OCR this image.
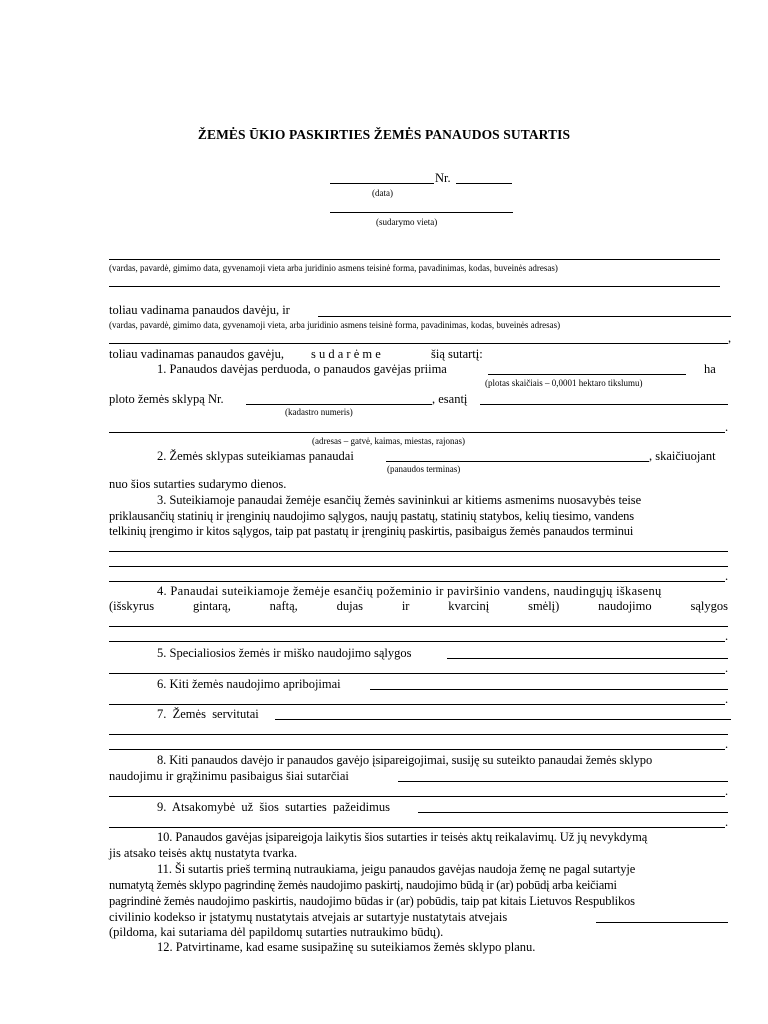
ŽEMĖS ŪKIO PASKIRTIES ŽEMĖS PANAUDOS SUTARTIS
Nr.
(data)
(sudarymo vieta)
(vardas, pavardė, gimimo data, gyvenamoji vieta arba juridinio asmens teisinė forma, pavadinimas, kodas, buveinės adresas)
toliau vadinama panaudos davėju, ir
(vardas, pavardė, gimimo data, gyvenamoji vieta, arba juridinio asmens teisinė forma, pavadinimas, kodas, buveinės adresas)
,
toliau vadinamas panaudos gavėju, s u d a r ė m e	šią sutartį:
1. Panaudos davėjas perduoda, o panaudos gavėjas priima	ha
(plotas skaičiais – 0,0001 hektaro tikslumu)
ploto žemės sklypą Nr.	, esantį
(kadastro numeris)
.
(adresas – gatvė, kaimas, miestas, rajonas)
2. Žemės sklypas suteikiamas panaudai	, skaičiuojant
(panaudos terminas)
nuo šios sutarties sudarymo dienos.
3. Suteikiamoje panaudai žemėje esančių žemės savininkui ar kitiems asmenims nuosavybės teise
priklausančių statinių ir įrenginių naudojimo sąlygos, naujų pastatų, statinių statybos, kelių tiesimo, vandens
telkinių įrengimo ir kitos sąlygos, taip pat pastatų ir įrenginių paskirtis, pasibaigus žemės panaudos terminui
.
4. Panaudai suteikiamoje žemėje esančių požeminio ir paviršinio vandens, naudingųjų iškasenų
(išskyrus	gintarą,	naftą,	dujas	ir	kvarcinį	smėlį)	naudojimo	sąlygos
.
5. Specialiosios žemės ir miško naudojimo sąlygos
.
6. Kiti žemės naudojimo apribojimai
.
7.  Žemės  servitutai
.
8. Kiti panaudos davėjo ir panaudos gavėjo įsipareigojimai, susiję su suteikto panaudai žemės sklypo
naudojimu ir grąžinimu pasibaigus šiai sutarčiai
.
9.  Atsakomybė  už  šios  sutarties  pažeidimus
.
10. Panaudos gavėjas įsipareigoja laikytis šios sutarties ir teisės aktų reikalavimų. Už jų nevykdymą
jis atsako teisės aktų nustatyta tvarka.
11. Ši sutartis prieš terminą nutraukiama, jeigu panaudos gavėjas naudoja žemę ne pagal sutartyje
numatytą žemės sklypo pagrindinę žemės naudojimo paskirtį, naudojimo būdą ir (ar) pobūdį arba keičiami
pagrindinė žemės naudojimo paskirtis, naudojimo būdas ir (ar) pobūdis, taip pat kitais Lietuvos Respublikos
civilinio kodekso ir įstatymų nustatytais atvejais ar sutartyje nustatytais atvejais
(pildoma, kai sutariama dėl papildomų sutarties nutraukimo būdų).
12. Patvirtiname, kad esame susipažinę su suteikiamos žemės sklypo planu.
